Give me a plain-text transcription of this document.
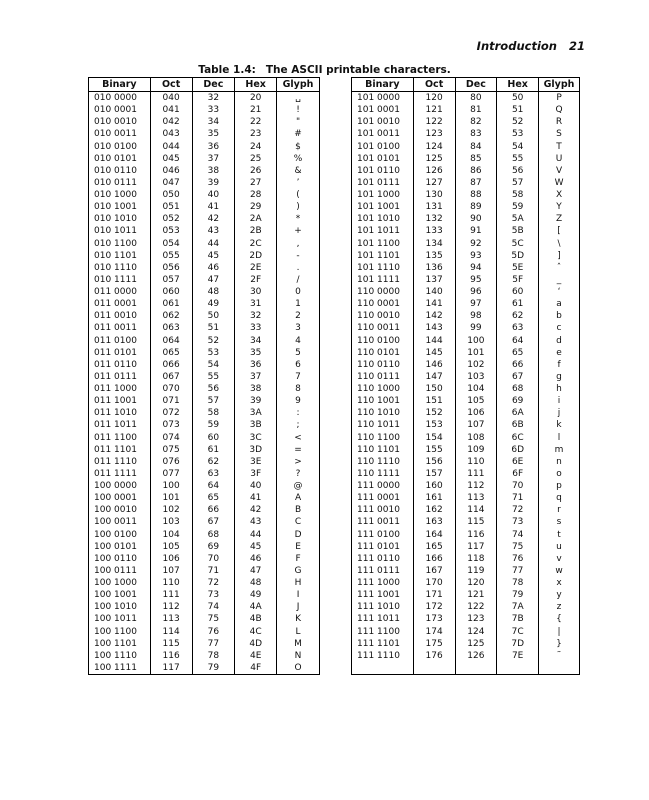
Introduction 21
Table 1.4: The ASCII printable characters.
Binary	Oct	Dec	Hex	Glyph
010 0000	040	32	20	␣
010 0001	041	33	21	!
010 0010	042	34	22	"
010 0011	043	35	23	#
010 0100	044	36	24	$
010 0101	045	37	25	%
010 0110	046	38	26	&
010 0111	047	39	27	’
010 1000	050	40	28	(
010 1001	051	41	29	)
010 1010	052	42	2A	*
010 1011	053	43	2B	+
010 1100	054	44	2C	,
010 1101	055	45	2D	-
010 1110	056	46	2E	.
010 1111	057	47	2F	/
011 0000	060	48	30	0
011 0001	061	49	31	1
011 0010	062	50	32	2
011 0011	063	51	33	3
011 0100	064	52	34	4
011 0101	065	53	35	5
011 0110	066	54	36	6
011 0111	067	55	37	7
011 1000	070	56	38	8
011 1001	071	57	39	9
011 1010	072	58	3A	:
011 1011	073	59	3B	;
011 1100	074	60	3C	<
011 1101	075	61	3D	=
011 1110	076	62	3E	>
011 1111	077	63	3F	?
100 0000	100	64	40	@
100 0001	101	65	41	A
100 0010	102	66	42	B
100 0011	103	67	43	C
100 0100	104	68	44	D
100 0101	105	69	45	E
100 0110	106	70	46	F
100 0111	107	71	47	G
100 1000	110	72	48	H
100 1001	111	73	49	I
100 1010	112	74	4A	J
100 1011	113	75	4B	K
100 1100	114	76	4C	L
100 1101	115	77	4D	M
100 1110	116	78	4E	N
100 1111	117	79	4F	O
Binary	Oct	Dec	Hex	Glyph
101 0000	120	80	50	P
101 0001	121	81	51	Q
101 0010	122	82	52	R
101 0011	123	83	53	S
101 0100	124	84	54	T
101 0101	125	85	55	U
101 0110	126	86	56	V
101 0111	127	87	57	W
101 1000	130	88	58	X
101 1001	131	89	59	Y
101 1010	132	90	5A	Z
101 1011	133	91	5B	[
101 1100	134	92	5C	\
101 1101	135	93	5D	]
101 1110	136	94	5E	ˆ
101 1111	137	95	5F	_
110 0000	140	96	60	‘
110 0001	141	97	61	a
110 0010	142	98	62	b
110 0011	143	99	63	c
110 0100	144	100	64	d
110 0101	145	101	65	e
110 0110	146	102	66	f
110 0111	147	103	67	g
110 1000	150	104	68	h
110 1001	151	105	69	i
110 1010	152	106	6A	j
110 1011	153	107	6B	k
110 1100	154	108	6C	l
110 1101	155	109	6D	m
110 1110	156	110	6E	n
110 1111	157	111	6F	o
111 0000	160	112	70	p
111 0001	161	113	71	q
111 0010	162	114	72	r
111 0011	163	115	73	s
111 0100	164	116	74	t
111 0101	165	117	75	u
111 0110	166	118	76	v
111 0111	167	119	77	w
111 1000	170	120	78	x
111 1001	171	121	79	y
111 1010	172	122	7A	z
111 1011	173	123	7B	{
111 1100	174	124	7C	|
111 1101	175	125	7D	}
111 1110	176	126	7E	˜
